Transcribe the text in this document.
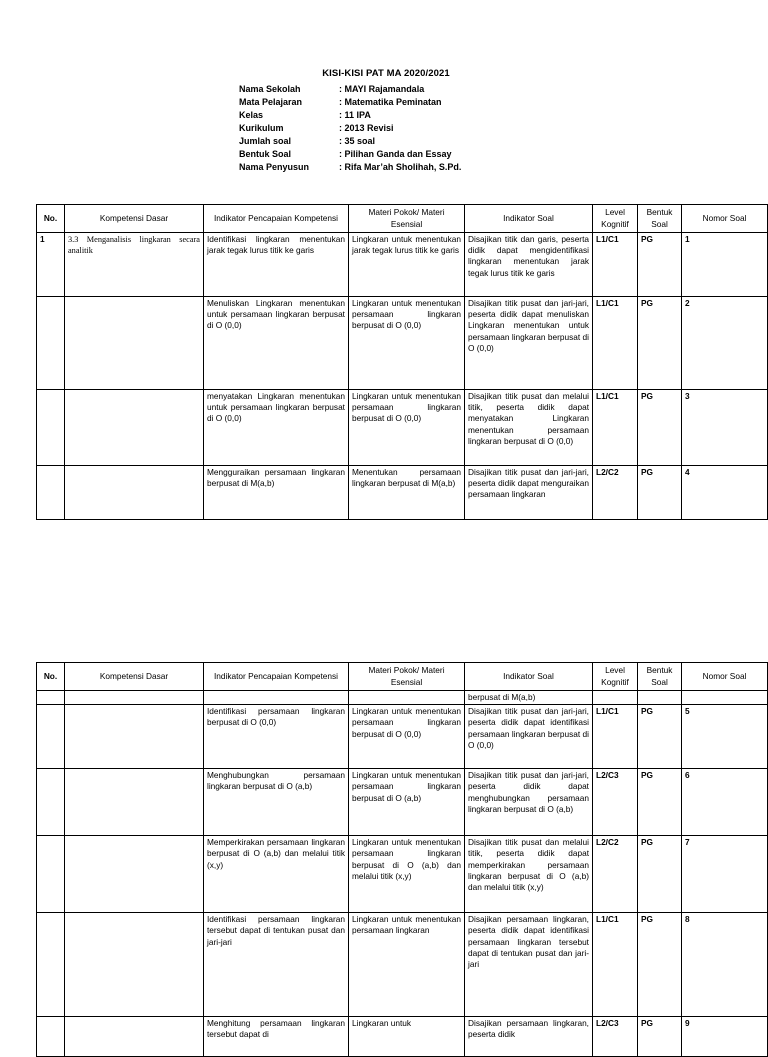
KISI-KISI PAT MA 2020/2021
Nama Sekolah	: MAYI Rajamandala
Mata Pelajaran	: Matematika Peminatan
Kelas	: 11 IPA
Kurikulum	: 2013 Revisi
Jumlah soal	: 35 soal
Bentuk Soal	: Pilihan Ganda dan Essay
Nama Penyusun	: Rifa Mar’ah Sholihah, S.Pd.
No.	Kompetensi Dasar	Indikator Pencapaian Kompetensi	Materi Pokok/ Materi Esensial	Indikator Soal	Level Kognitif	Bentuk Soal	Nomor Soal
1	3.3 Menganalisis lingkaran secara analitik	Identifikasi lingkaran menentukan jarak tegak lurus titik ke garis	Lingkaran untuk menentukan jarak tegak lurus titik ke garis	Disajikan titik dan garis, peserta didik dapat mengidentifikasi lingkaran menentukan jarak tegak lurus titik ke garis	L1/C1	PG	1
		Menuliskan Lingkaran menentukan untuk persamaan lingkaran berpusat di O (0,0)	Lingkaran untuk menentukan persamaan lingkaran berpusat di O (0,0)	Disajikan titik pusat dan jari-jari, peserta didik dapat menuliskan Lingkaran menentukan untuk persamaan lingkaran berpusat di O (0,0)	L1/C1	PG	2
		menyatakan Lingkaran menentukan untuk persamaan lingkaran berpusat di O (0,0)	Lingkaran untuk menentukan persamaan lingkaran berpusat di O (0,0)	Disajikan titik pusat dan melalui titik, peserta didik dapat menyatakan Lingkaran menentukan persamaan lingkaran berpusat di O (0,0)	L1/C1	PG	3
		Mengguraikan persamaan lingkaran berpusat di M(a,b)	Menentukan persamaan lingkaran berpusat di M(a,b)	Disajikan titik pusat dan jari-jari, peserta didik dapat menguraikan persamaan lingkaran	L2/C2	PG	4
No.	Kompetensi Dasar	Indikator Pencapaian Kompetensi	Materi Pokok/ Materi Esensial	Indikator Soal	Level Kognitif	Bentuk Soal	Nomor Soal
				berpusat di M(a,b)			
		Identifikasi persamaan lingkaran berpusat di O (0,0)	Lingkaran untuk menentukan persamaan lingkaran berpusat di O (0,0)	Disajikan titik pusat dan jari-jari, peserta didik dapat identifikasi persamaan lingkaran berpusat di O (0,0)	L1/C1	PG	5
		Menghubungkan persamaan lingkaran berpusat di O (a,b)	Lingkaran untuk menentukan persamaan lingkaran berpusat di O (a,b)	Disajikan titik pusat dan jari-jari, peserta didik dapat menghubungkan persamaan lingkaran berpusat di O (a,b)	L2/C3	PG	6
		Memperkirakan persamaan lingkaran berpusat di O (a,b) dan melalui titik (x,y)	Lingkaran untuk menentukan persamaan lingkaran berpusat di O (a,b) dan melalui titik (x,y)	Disajikan titik pusat dan melalui titik, peserta didik dapat memperkirakan persamaan lingkaran berpusat di O (a,b) dan melalui titik (x,y)	L2/C2	PG	7
		Identifikasi persamaan lingkaran tersebut dapat di tentukan pusat dan jari-jari	Lingkaran untuk menentukan persamaan lingkaran	Disajikan persamaan lingkaran, peserta didik dapat identifikasi persamaan lingkaran tersebut dapat di tentukan pusat dan jari-jari	L1/C1	PG	8
		Menghitung persamaan lingkaran tersebut dapat di	Lingkaran untuk	Disajikan persamaan lingkaran, peserta didik	L2/C3	PG	9
